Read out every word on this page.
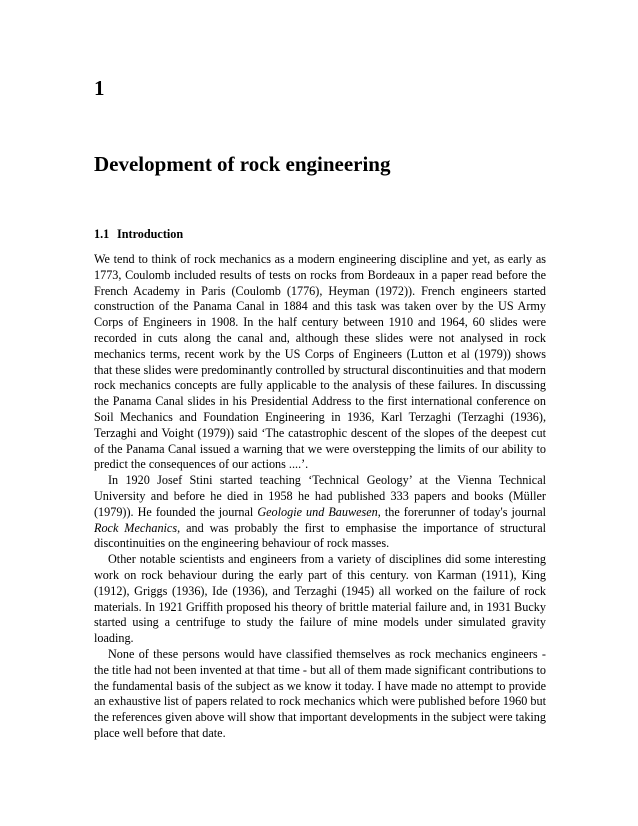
1
Development of rock engineering
1.1 Introduction

We tend to think of rock mechanics as a modern engineering discipline and yet, as early as 1773, Coulomb included results of tests on rocks from Bordeaux in a paper read before the French Academy in Paris (Coulomb (1776), Heyman (1972)). French engineers started construction of the Panama Canal in 1884 and this task was taken over by the US Army Corps of Engineers in 1908. In the half century between 1910 and 1964, 60 slides were recorded in cuts along the canal and, although these slides were not analysed in rock mechanics terms, recent work by the US Corps of Engineers (Lutton et al (1979)) shows that these slides were predominantly controlled by structural discontinuities and that modern rock mechanics concepts are fully applicable to the analysis of these failures. In discussing the Panama Canal slides in his Presidential Address to the first international conference on Soil Mechanics and Foundation Engineering in 1936, Karl Terzaghi (Terzaghi (1936), Terzaghi and Voight (1979)) said ‘The catastrophic descent of the slopes of the deepest cut of the Panama Canal issued a warning that we were overstepping the limits of our ability to predict the consequences of our actions ....’.

In 1920 Josef Stini started teaching ‘Technical Geology’ at the Vienna Technical University and before he died in 1958 he had published 333 papers and books (Müller (1979)). He founded the journal Geologie und Bauwesen, the forerunner of today's journal Rock Mechanics, and was probably the first to emphasise the importance of structural discontinuities on the engineering behaviour of rock masses.

Other notable scientists and engineers from a variety of disciplines did some interesting work on rock behaviour during the early part of this century. von Karman (1911), King (1912), Griggs (1936), Ide (1936), and Terzaghi (1945) all worked on the failure of rock materials. In 1921 Griffith proposed his theory of brittle material failure and, in 1931 Bucky started using a centrifuge to study the failure of mine models under simulated gravity loading.

None of these persons would have classified themselves as rock mechanics engineers - the title had not been invented at that time - but all of them made significant contributions to the fundamental basis of the subject as we know it today. I have made no attempt to provide an exhaustive list of papers related to rock mechanics which were published before 1960 but the references given above will show that important developments in the subject were taking place well before that date.
